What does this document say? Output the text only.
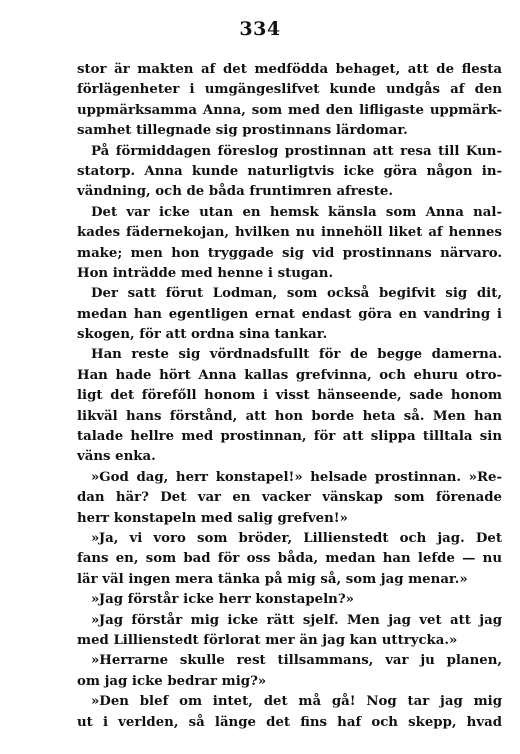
334
stor är makten af det medfödda behaget, att de flesta
förlägenheter i umgängeslifvet kunde undgås af den
uppmärksamma Anna, som med den lifligaste uppmärk-
samhet tillegnade sig prostinnans lärdomar.
På förmiddagen föreslog prostinnan att resa till Kun-
statorp. Anna kunde naturligtvis icke göra någon in-
vändning, och de båda fruntimren afreste.
Det var icke utan en hemsk känsla som Anna nal-
kades fädernekojan, hvilken nu innehöll liket af hennes
make; men hon tryggade sig vid prostinnans närvaro.
Hon inträdde med henne i stugan.
Der satt förut Lodman, som också begifvit sig dit,
medan han egentligen ernat endast göra en vandring i
skogen, för att ordna sina tankar.
Han reste sig vördnadsfullt för de begge damerna.
Han hade hört Anna kallas grefvinna, och ehuru otro-
ligt det förefőll honom i visst hänseende, sade honom
likväl hans förstånd, att hon borde heta så. Men han
talade hellre med prostinnan, för att slippa tilltala sin
väns enka.
»God dag, herr konstapel!» helsade prostinnan. »Re-
dan här? Det var en vacker vänskap som förenade
herr konstapeln med salig grefven!»
»Ja, vi voro som bröder, Lillienstedt och jag. Det
fans en, som bad för oss båda, medan han lefde — nu
lär väl ingen mera tänka på mig så, som jag menar.»
»Jag förstår icke herr konstapeln?»
»Jag förstår mig icke rätt sjelf. Men jag vet att jag
med Lillienstedt förlorat mer än jag kan uttrycka.»
»Herrarne skulle rest tillsammans, var ju planen,
om jag icke bedrar mig?»
»Den blef om intet, det må gå! Nog tar jag mig
ut i verlden, så länge det fins haf och skepp, hvad
